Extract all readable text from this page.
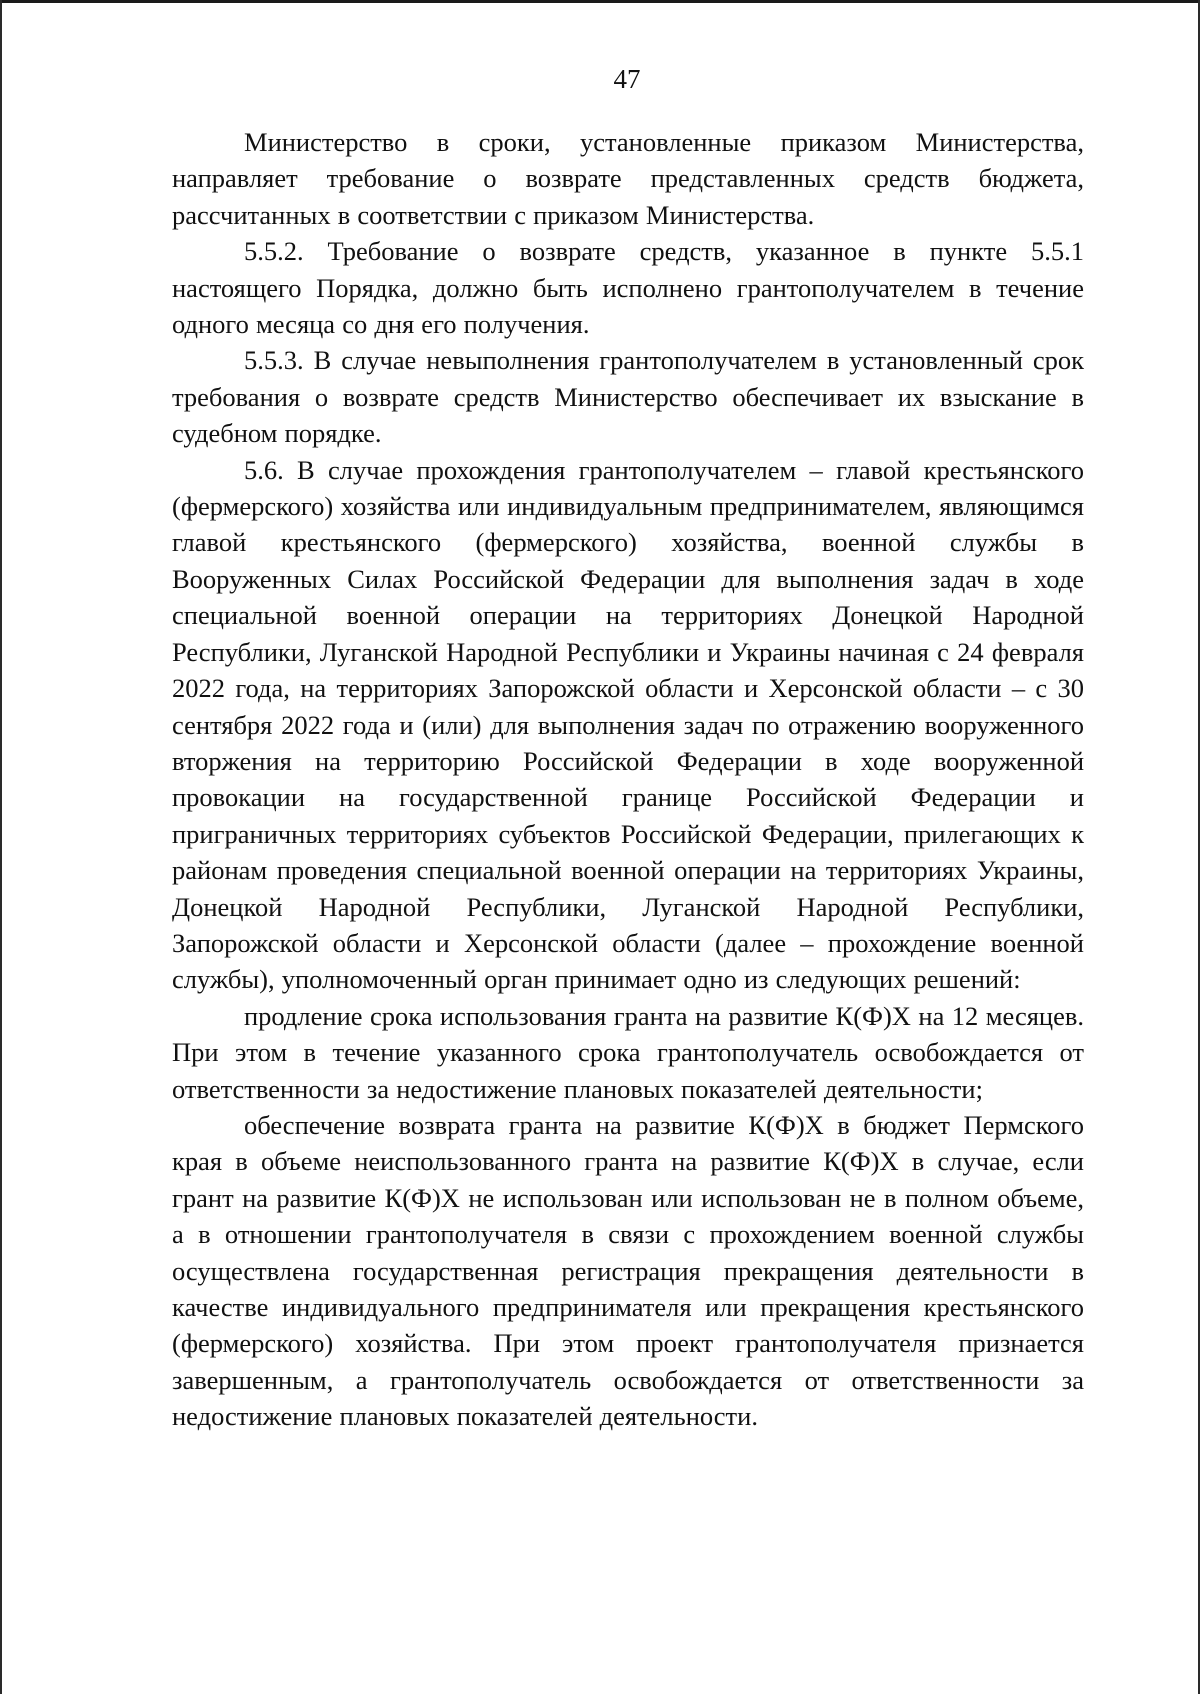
47

Министерство в сроки, установленные приказом Министерства, направляет требование о возврате представленных средств бюджета, рассчитанных в соответствии с приказом Министерства.

5.5.2. Требование о возврате средств, указанное в пункте 5.5.1 настоящего Порядка, должно быть исполнено грантополучателем в течение одного месяца со дня его получения.

5.5.3. В случае невыполнения грантополучателем в установленный срок требования о возврате средств Министерство обеспечивает их взыскание в судебном порядке.

5.6. В случае прохождения грантополучателем – главой крестьянского (фермерского) хозяйства или индивидуальным предпринимателем, являющимся главой крестьянского (фермерского) хозяйства, военной службы в Вооруженных Силах Российской Федерации для выполнения задач в ходе специальной военной операции на территориях Донецкой Народной Республики, Луганской Народной Республики и Украины начиная с 24 февраля 2022 года, на территориях Запорожской области и Херсонской области – с 30 сентября 2022 года и (или) для выполнения задач по отражению вооруженного вторжения на территорию Российской Федерации в ходе вооруженной провокации на государственной границе Российской Федерации и приграничных территориях субъектов Российской Федерации, прилегающих к районам проведения специальной военной операции на территориях Украины, Донецкой Народной Республики, Луганской Народной Республики, Запорожской области и Херсонской области (далее – прохождение военной службы), уполномоченный орган принимает одно из следующих решений:

продление срока использования гранта на развитие К(Ф)Х на 12 месяцев. При этом в течение указанного срока грантополучатель освобождается от ответственности за недостижение плановых показателей деятельности;

обеспечение возврата гранта на развитие К(Ф)Х в бюджет Пермского края в объеме неиспользованного гранта на развитие К(Ф)Х в случае, если грант на развитие К(Ф)Х не использован или использован не в полном объеме, а в отношении грантополучателя в связи с прохождением военной службы осуществлена государственная регистрация прекращения деятельности в качестве индивидуального предпринимателя или прекращения крестьянского (фермерского) хозяйства. При этом проект грантополучателя признается завершенным, а грантополучатель освобождается от ответственности за недостижение плановых показателей деятельности.
